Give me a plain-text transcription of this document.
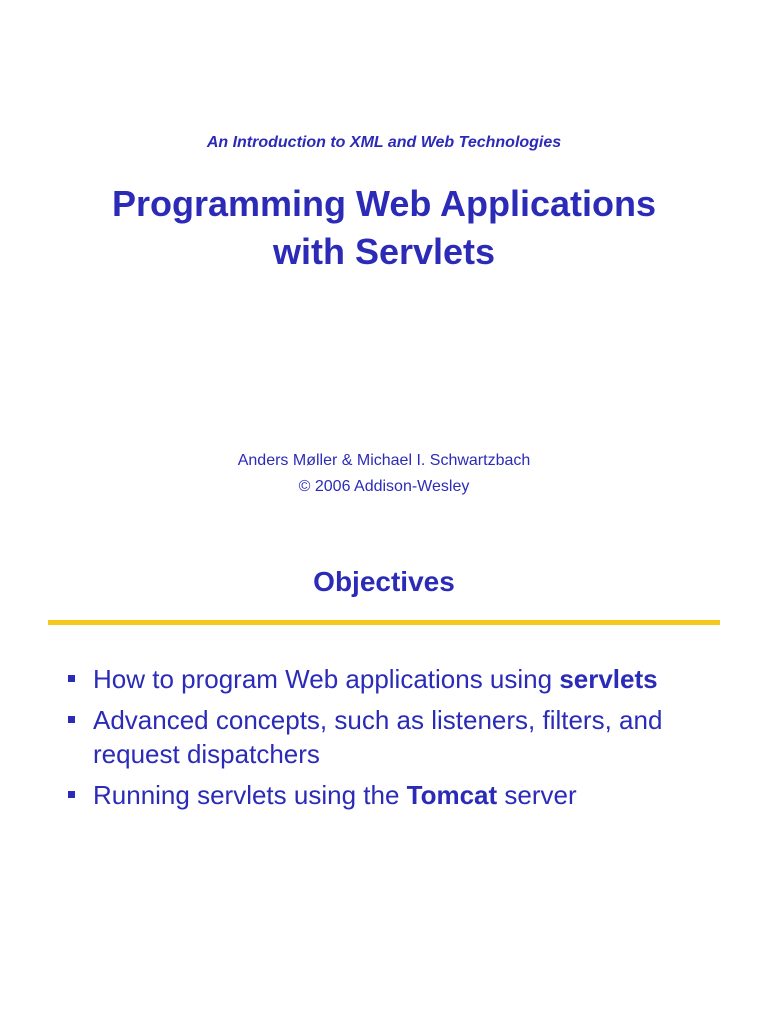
An Introduction to XML and Web Technologies
Programming Web Applications
with Servlets
Anders Møller & Michael I. Schwartzbach
© 2006 Addison-Wesley
Objectives
How to program Web applications using servlets
Advanced concepts, such as listeners, filters, and request dispatchers
Running servlets using the Tomcat server
